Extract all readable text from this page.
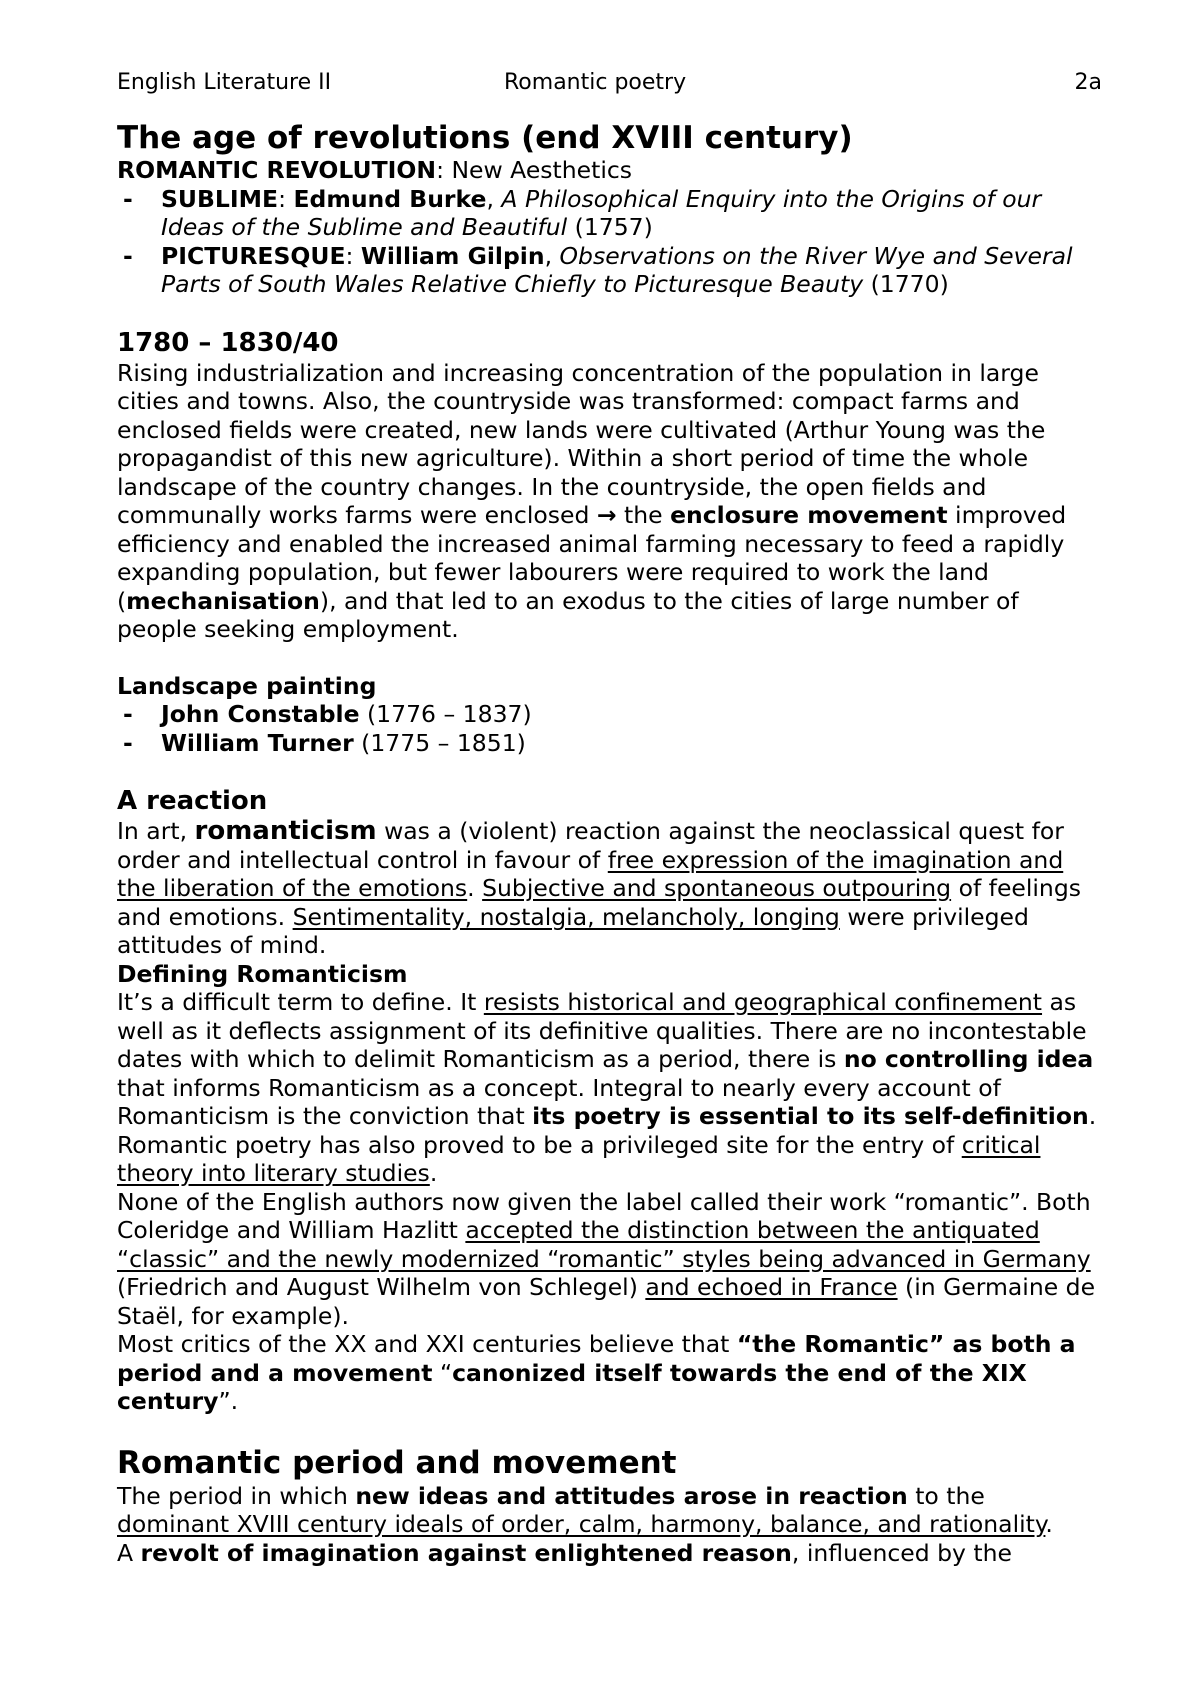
English Literature II	Romantic poetry	2a
The age of revolutions (end XVIII century)

ROMANTIC REVOLUTION: New Aesthetics

- SUBLIME: Edmund Burke, A Philosophical Enquiry into the Origins of our Ideas of the Sublime and Beautiful (1757)
- PICTURESQUE: William Gilpin, Observations on the River Wye and Several Parts of South Wales Relative Chiefly to Picturesque Beauty (1770)
1780 – 1830/40

Rising industrialization and increasing concentration of the population in large cities and towns. Also, the countryside was transformed: compact farms and enclosed fields were created, new lands were cultivated (Arthur Young was the propagandist of this new agriculture). Within a short period of time the whole landscape of the country changes. In the countryside, the open fields and communally works farms were enclosed → the enclosure movement improved efficiency and enabled the increased animal farming necessary to feed a rapidly expanding population, but fewer labourers were required to work the land (mechanisation), and that led to an exodus to the cities of large number of people seeking employment.

Landscape painting
- John Constable (1776 – 1837)
- William Turner (1775 – 1851)
A reaction

In art, romanticism was a (violent) reaction against the neoclassical quest for order and intellectual control in favour of free expression of the imagination and the liberation of the emotions. Subjective and spontaneous outpouring of feelings and emotions. Sentimentality, nostalgia, melancholy, longing were privileged attitudes of mind.

Defining Romanticism

It’s a difficult term to define. It resists historical and geographical confinement as well as it deflects assignment of its definitive qualities. There are no incontestable dates with which to delimit Romanticism as a period, there is no controlling idea that informs Romanticism as a concept. Integral to nearly every account of Romanticism is the conviction that its poetry is essential to its self-definition. Romantic poetry has also proved to be a privileged site for the entry of critical theory into literary studies.

None of the English authors now given the label called their work “romantic”. Both Coleridge and William Hazlitt accepted the distinction between the antiquated “classic” and the newly modernized “romantic” styles being advanced in Germany (Friedrich and August Wilhelm von Schlegel) and echoed in France (in Germaine de Staël, for example).

Most critics of the XX and XXI centuries believe that “the Romantic” as both a period and a movement “canonized itself towards the end of the XIX century”.

Romantic period and movement

The period in which new ideas and attitudes arose in reaction to the dominant XVIII century ideals of order, calm, harmony, balance, and rationality.

A revolt of imagination against enlightened reason, influenced by the
